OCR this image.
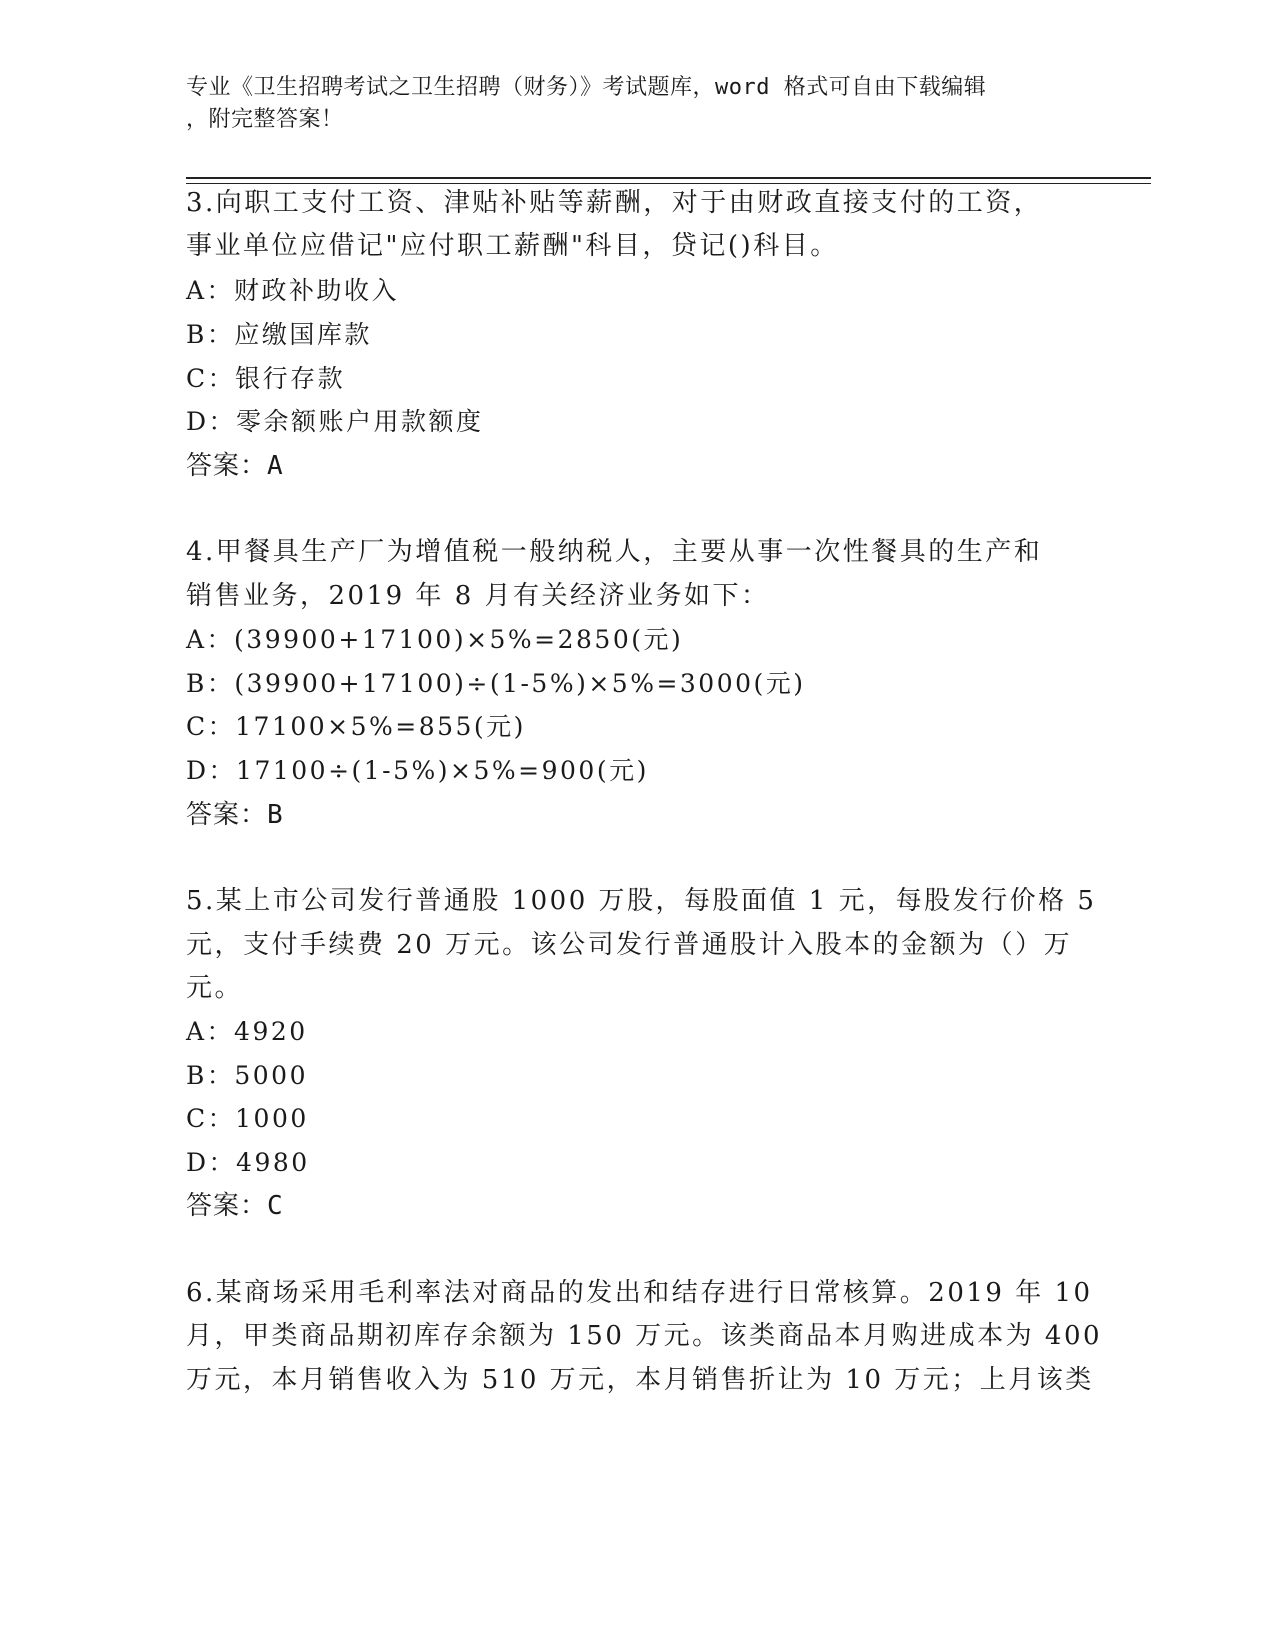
专业《卫生招聘考试之卫生招聘（财务）》考试题库，word 格式可自由下载编辑
，附完整答案！
3.向职工支付工资、津贴补贴等薪酬，对于由财政直接支付的工资，
事业单位应借记"应付职工薪酬"科目，贷记()科目。
A：财政补助收入
B：应缴国库款
C：银行存款
D：零余额账户用款额度
答案：A
4.甲餐具生产厂为增值税一般纳税人，主要从事一次性餐具的生产和
销售业务，2019 年 8 月有关经济业务如下：
A：(39900+17100)×5%=2850(元)
B：(39900+17100)÷(1-5%)×5%=3000(元)
C：17100×5%=855(元)
D：17100÷(1-5%)×5%=900(元)
答案：B
5.某上市公司发行普通股 1000 万股，每股面值 1 元，每股发行价格 5
元，支付手续费 20 万元。该公司发行普通股计入股本的金额为（）万
元。
A：4920
B：5000
C：1000
D：4980
答案：C
6.某商场采用毛利率法对商品的发出和结存进行日常核算。2019 年 10
月，甲类商品期初库存余额为 150 万元。该类商品本月购进成本为 400
万元，本月销售收入为 510 万元，本月销售折让为 10 万元；上月该类
